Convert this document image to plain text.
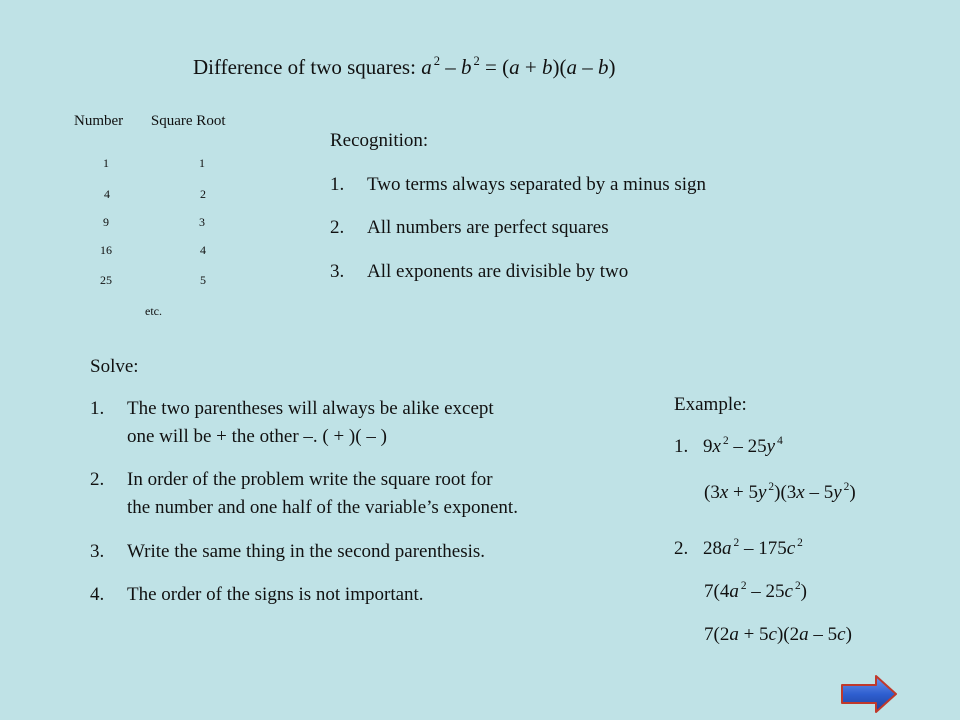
Difference of two squares: a $^2$ – b $^2$ = (a + b)(a – b)
Number Square Root
1	1
4	2
9	3
16	4
25	5
etc.
Recognition:
1. Two terms always separated by a minus sign
2. All numbers are perfect squares
3. All exponents are divisible by two
Solve:
1. The two parentheses will always be alike except
one will be + the other –. ( + )( – )
2. In order of the problem write the square root for
the number and one half of the variable’s exponent.
3. Write the same thing in the second parenthesis.
4. The order of the signs is not important.
Example:
1. 9x $^2$ – 25y $^4$
(3x + 5y $^2$)(3x – 5y $^2$)
2. 28a $^2$ – 175c $^2$
7(4a $^2$ – 25c $^2$)
7(2a + 5c)(2a – 5c)
